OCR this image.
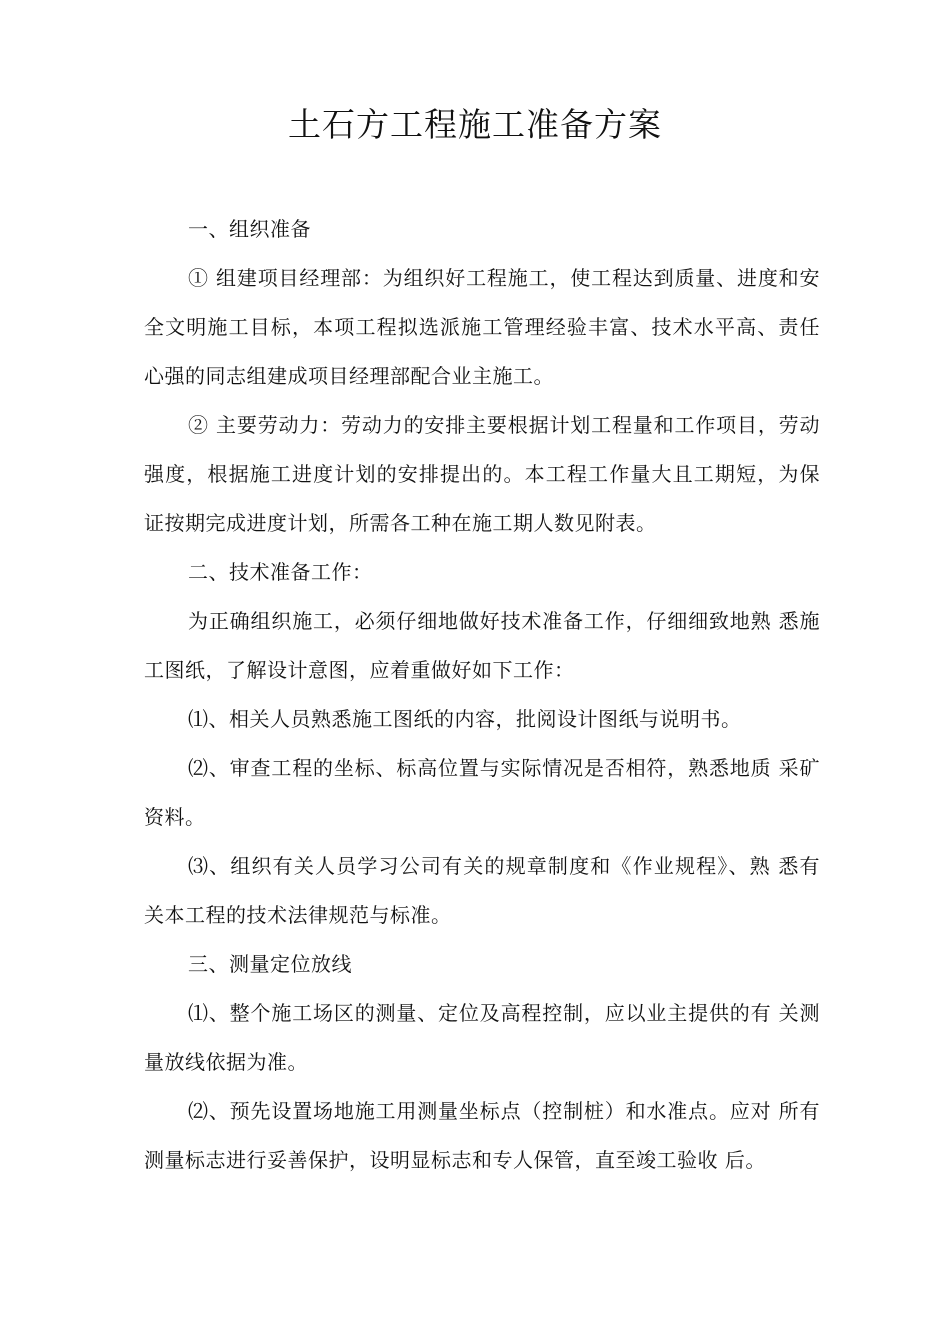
土石方工程施工准备方案

一、组织准备

① 组建项目经理部：为组织好工程施工，使工程达到质量、进度和安全文明施工目标，本项工程拟选派施工管理经验丰富、技术水平高、责任心强的同志组建成项目经理部配合业主施工。

② 主要劳动力：劳动力的安排主要根据计划工程量和工作项目，劳动强度，根据施工进度计划的安排提出的。本工程工作量大且工期短，为保证按期完成进度计划，所需各工种在施工期人数见附表。

二、技术准备工作：

为正确组织施工，必须仔细地做好技术准备工作，仔细细致地熟 悉施工图纸，了解设计意图，应着重做好如下工作：

⑴、相关人员熟悉施工图纸的内容，批阅设计图纸与说明书。

⑵、审查工程的坐标、标高位置与实际情况是否相符，熟悉地质 采矿资料。

⑶、组织有关人员学习公司有关的规章制度和《作业规程》、熟 悉有关本工程的技术法律规范与标准。

三、测量定位放线

⑴、整个施工场区的测量、定位及高程控制，应以业主提供的有 关测量放线依据为准。

⑵、预先设置场地施工用测量坐标点（控制桩）和水准点。应对 所有测量标志进行妥善保护，设明显标志和专人保管，直至竣工验收 后。
